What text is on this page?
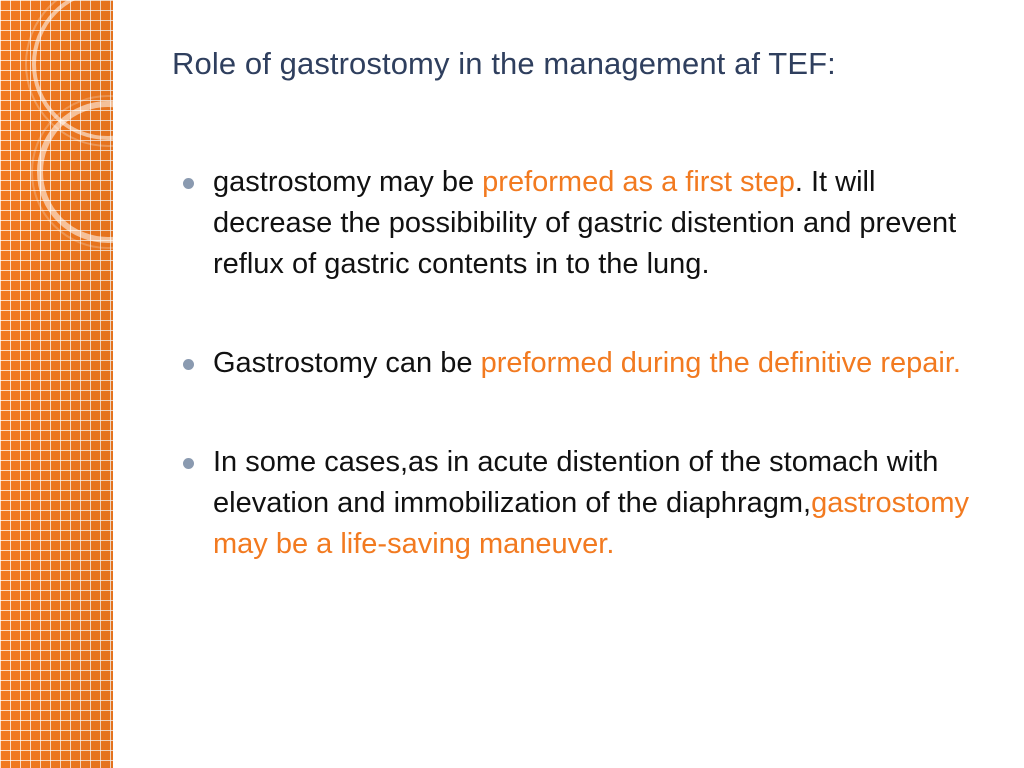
Role of gastrostomy in the management af TEF:
gastrostomy may be preformed as a first step. It will decrease the possibibility of gastric distention and prevent reflux of gastric contents in to the lung.
Gastrostomy can be preformed during the definitive repair.
In some cases,as in acute distention of the stomach with elevation and immobilization of the diaphragm,gastrostomy may be a life-saving maneuver.
